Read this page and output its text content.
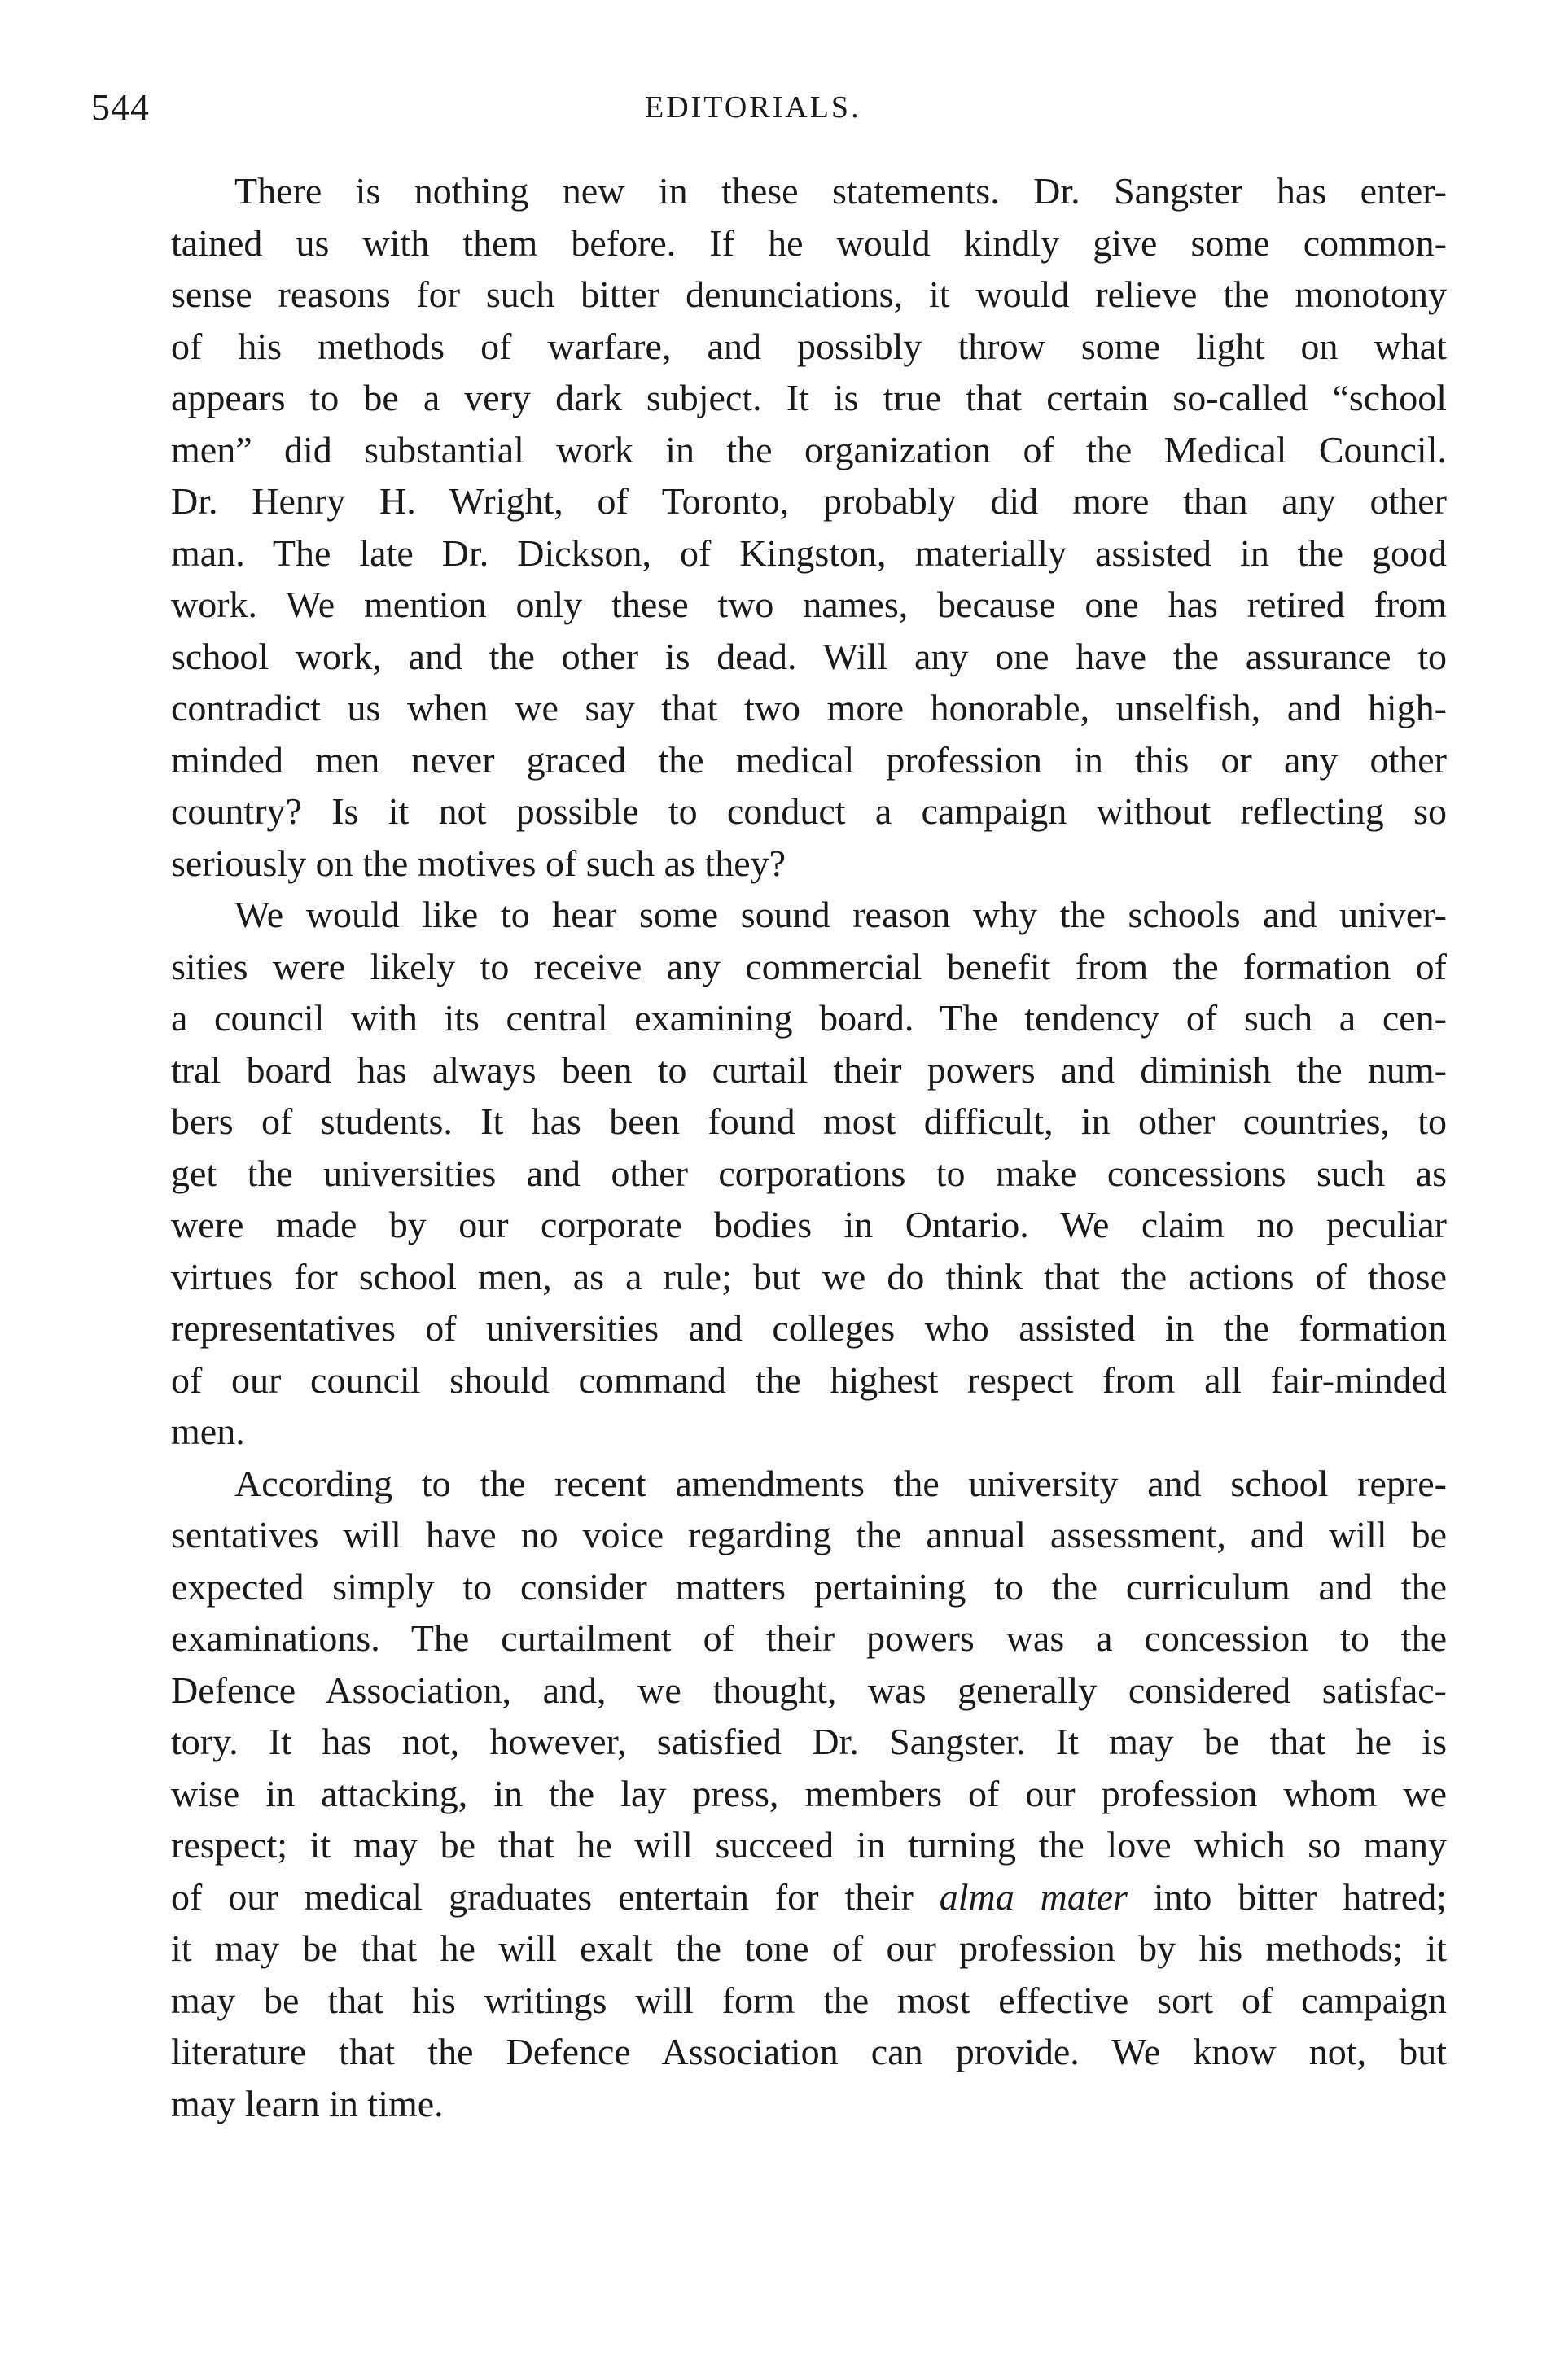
544	EDITORIALS.
There is nothing new in these statements. Dr. Sangster has enter-
tained us with them before. If he would kindly give some common-
sense reasons for such bitter denunciations, it would relieve the monotony
of his methods of warfare, and possibly throw some light on what
appears to be a very dark subject. It is true that certain so-called “school
men” did substantial work in the organization of the Medical Council.
Dr. Henry H. Wright, of Toronto, probably did more than any other
man. The late Dr. Dickson, of Kingston, materially assisted in the good
work. We mention only these two names, because one has retired from
school work, and the other is dead. Will any one have the assurance to
contradict us when we say that two more honorable, unselfish, and high-
minded men never graced the medical profession in this or any other
country? Is it not possible to conduct a campaign without reflecting so
seriously on the motives of such as they?
We would like to hear some sound reason why the schools and univer-
sities were likely to receive any commercial benefit from the formation of
a council with its central examining board. The tendency of such a cen-
tral board has always been to curtail their powers and diminish the num-
bers of students. It has been found most difficult, in other countries, to
get the universities and other corporations to make concessions such as
were made by our corporate bodies in Ontario. We claim no peculiar
virtues for school men, as a rule; but we do think that the actions of those
representatives of universities and colleges who assisted in the formation
of our council should command the highest respect from all fair-minded
men.
According to the recent amendments the university and school repre-
sentatives will have no voice regarding the annual assessment, and will be
expected simply to consider matters pertaining to the curriculum and the
examinations. The curtailment of their powers was a concession to the
Defence Association, and, we thought, was generally considered satisfac-
tory. It has not, however, satisfied Dr. Sangster. It may be that he is
wise in attacking, in the lay press, members of our profession whom we
respect; it may be that he will succeed in turning the love which so many
of our medical graduates entertain for their alma mater into bitter hatred;
it may be that he will exalt the tone of our profession by his methods; it
may be that his writings will form the most effective sort of campaign
literature that the Defence Association can provide. We know not, but
may learn in time.
